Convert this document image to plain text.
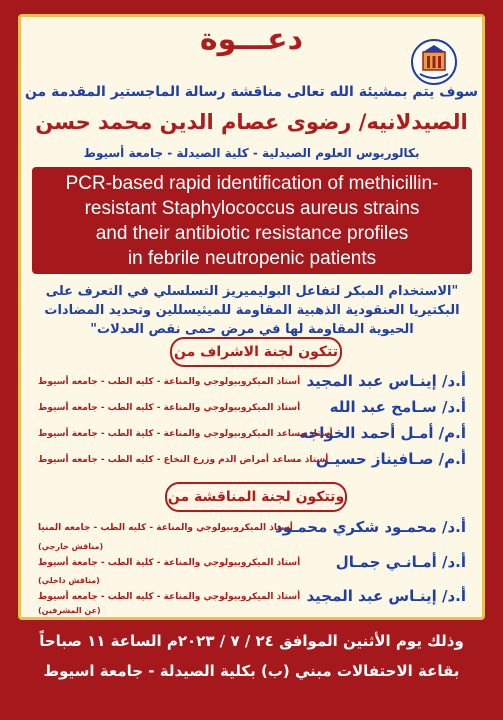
دعـــوة
سوف يتم بمشيئة الله تعالى مناقشة رسالة الماجستير المقدمة من
الصيدلانيه/ رضوى عصام الدين محمد حسن
بكالوريوس العلوم الصيدلية - كلية الصيدلة - جامعة أسيوط
PCR-based rapid identification of methicillin-
resistant Staphylococcus aureus strains
and their antibiotic resistance profiles
in febrile neutropenic patients
"الاستخدام المبكر لتفاعل البوليميريز التسلسلي في التعرف على البكتيريا العنقودية الذهبية المقاومة للميثيسللين وتحديد المضادات الحيوية المقاومة لها في مرض حمى نقص العدلات"
تتكون لجنة الاشراف من
أ.د/ إينـاس عبد المجيد
أستاذ الميكروبيولوجي والمناعة - كليه الطب - جامعه أسيوط
أ.د/ سـامح عبد الله
أستاذ الميكروبيولوجي والمناعة - كليه الطب - جامعه أسيوط
أ.م/ أمـل أحمد الخواجه
أستاذ مساعد الميكروبيولوجي والمناعة - كلية الطب - جامعة أسيوط
أ.م/ صـافيناز حسيـن
أستاذ مساعد أمراض الدم وزرع النخاع - كليه الطب - جامعه أسيوط
وتتكون لجنة المناقشة من
أ.د/ محمـود شكري محمـود
أستاذ الميكروبيولوجي والمناعة - كليه الطب - جامعه المنيا
(مناقش خارجي)
أ.د/ أمـانـي جمـال
أستاذ الميكروبيولوجي والمناعة - كلية الطب - جامعة أسيوط
(مناقش داخلي)
أ.د/ إينـاس عبد المجيد
أستاذ الميكروبيولوجي والمناعة - كليه الطب - جامعه أسيوط
(عن المشرفين)
وذلك يوم الأثنين الموافق ٢٤ / ٧ / ٢٠٢٣م الساعة ١١ صباحاً
بقاعة الاحتفالات مبني (ب) بكلية الصيدلة - جامعة اسيوط
